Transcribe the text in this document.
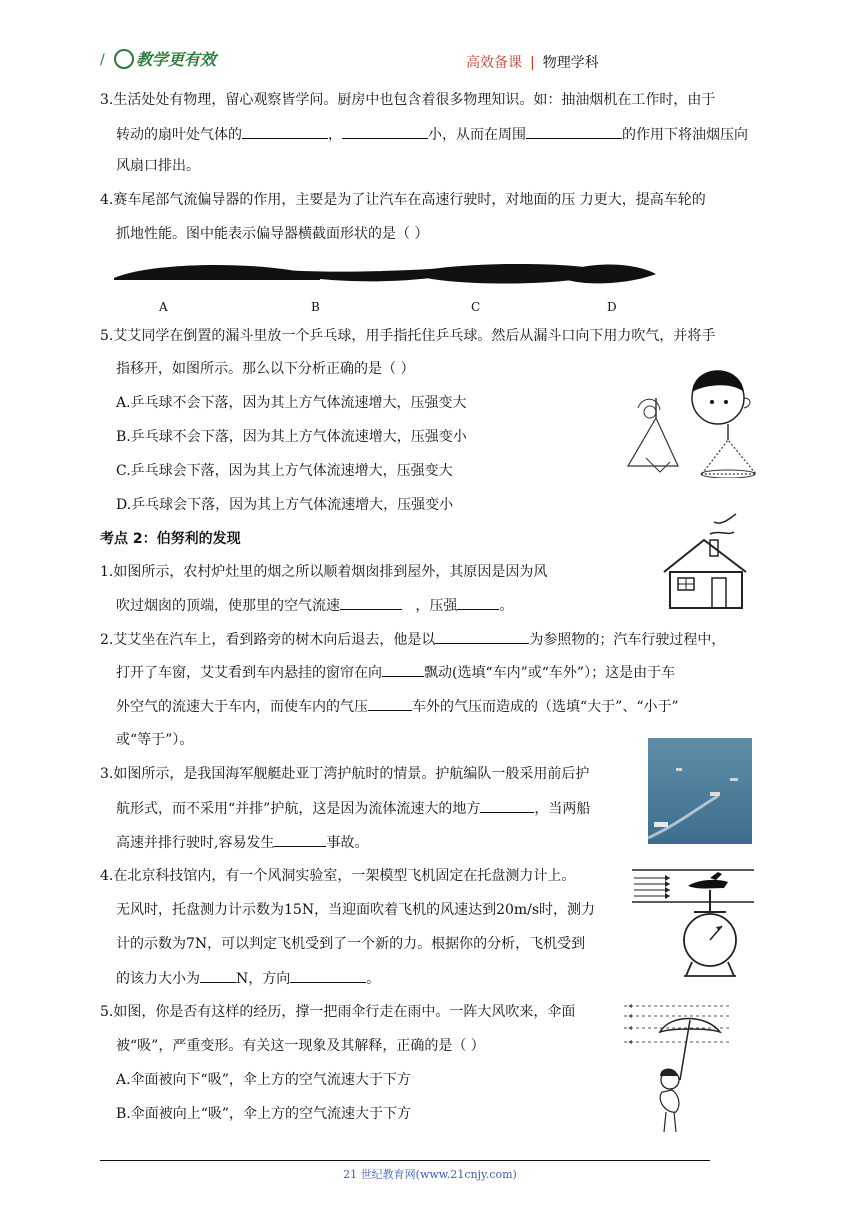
/ 教学更有效	高效备课 | 物理学科
3.生活处处有物理，留心观察皆学问。厨房中也包含着很多物理知识。如：抽油烟机在工作时，由于
转动的扇叶处气体的	，	小，从而在周围	的作用下将油烟压向
风扇口排出。
4.赛车尾部气流偏导器的作用，主要是为了让汽车在高速行驶时，对地面的压 力更大，提高车轮的
抓地性能。图中能表示偏导器横截面形状的是（ ）
A	B	C	D
5.艾艾同学在倒置的漏斗里放一个乒乓球，用手指托住乒乓球。然后从漏斗口向下用力吹气，并将手
指移开，如图所示。那么以下分析正确的是（ ）
A.乒乓球不会下落，因为其上方气体流速增大，压强变大
B.乒乓球不会下落，因为其上方气体流速增大，压强变小
C.乒乓球会下落，因为其上方气体流速增大，压强变大
D.乒乓球会下落，因为其上方气体流速增大，压强变小
考点 2：伯努利的发现
1.如图所示，农村炉灶里的烟之所以顺着烟囱排到屋外，其原因是因为风
吹过烟囱的顶端，使那里的空气流速	，压强	。
2.艾艾坐在汽车上，看到路旁的树木向后退去，他是以	为参照物的；汽车行驶过程中，
打开了车窗，艾艾看到车内悬挂的窗帘在向	飘动(选填“车内”或“车外”）；这是由于车
外空气的流速大于车内，而使车内的气压	车外的气压而造成的（选填“大于”、“小于”
或“等于”）。
3.如图所示，是我国海军舰艇赴亚丁湾护航时的情景。护航编队一般采用前后护
航形式，而不采用“并排”护航，这是因为流体流速大的地方	，当两船
高速并排行驶时,容易发生	事故。
4.在北京科技馆内，有一个风洞实验室，一架模型飞机固定在托盘测力计上。
无风时，托盘测力计示数为15N，当迎面吹着飞机的风速达到20m/s时，测力
计的示数为7N，可以判定飞机受到了一个新的力。根据你的分析，飞机受到
的该力大小为	N，方向	。
5.如图，你是否有这样的经历，撑一把雨伞行走在雨中。一阵大风吹来，伞面
被“吸”，严重变形。有关这一现象及其解释，正确的是（ ）
A.伞面被向下“吸”，伞上方的空气流速大于下方
B.伞面被向上“吸”，伞上方的空气流速大于下方
21 世纪教育网(www.21cnjy.com)
